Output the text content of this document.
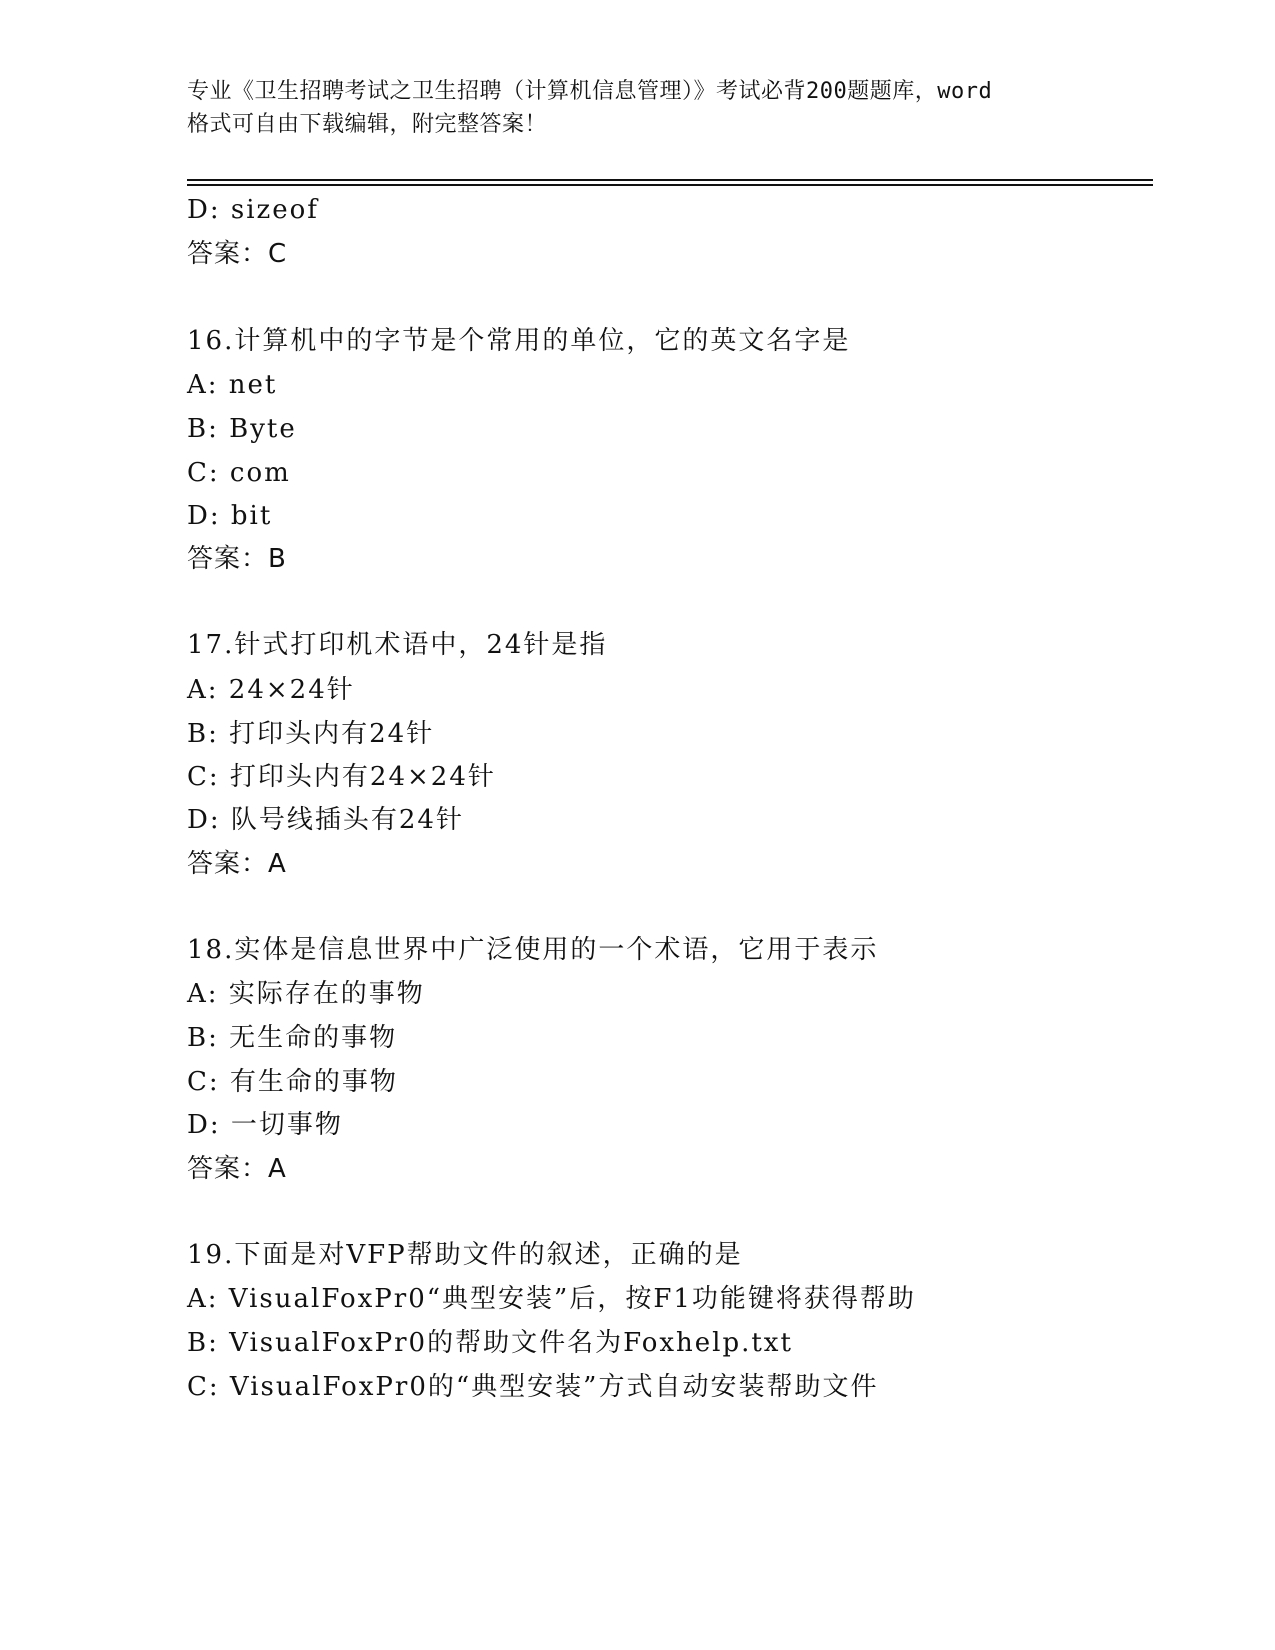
专业《卫生招聘考试之卫生招聘（计算机信息管理）》考试必背200题题库，word
格式可自由下载编辑，附完整答案！
D: sizeof
答案：C
16.计算机中的字节是个常用的单位，它的英文名字是
A: net
B: Byte
C: com
D: bit
答案：B
17.针式打印机术语中，24针是指
A: 24×24针
B: 打印头内有24针
C: 打印头内有24×24针
D: 队号线插头有24针
答案：A
18.实体是信息世界中广泛使用的一个术语，它用于表示
A: 实际存在的事物
B: 无生命的事物
C: 有生命的事物
D: 一切事物
答案：A
19.下面是对VFP帮助文件的叙述，正确的是
A: VisualFoxPr0“典型安装”后，按F1功能键将获得帮助
B: VisualFoxPr0的帮助文件名为Foxhelp.txt
C: VisualFoxPr0的“典型安装”方式自动安装帮助文件
